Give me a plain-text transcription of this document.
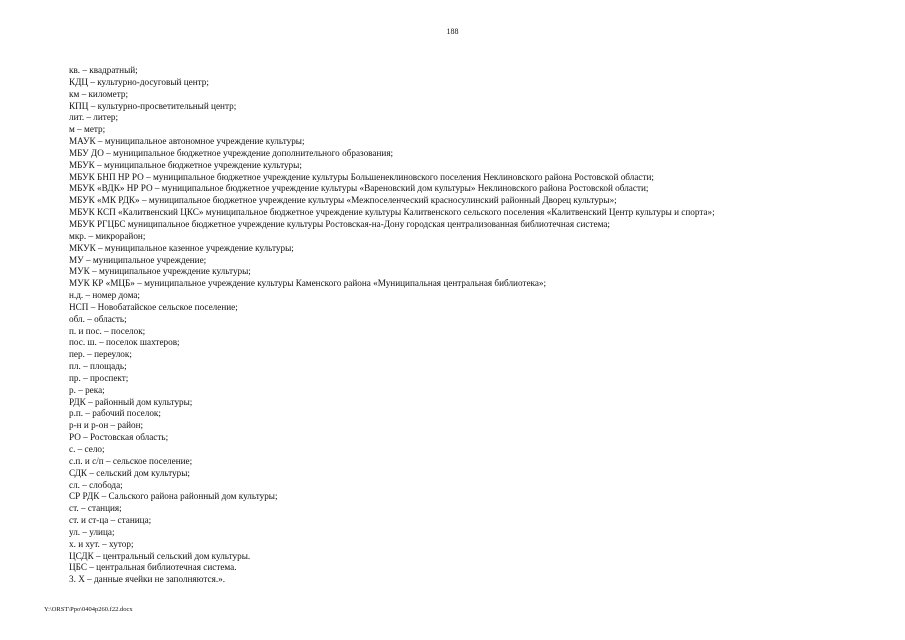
188
кв. – квадратный;
КДЦ – культурно-досуговый центр;
км – километр;
КПЦ – культурно-просветительный центр;
лит. – литер;
м – метр;
МАУК – муниципальное автономное учреждение культуры;
МБУ ДО – муниципальное бюджетное учреждение дополнительного образования;
МБУК – муниципальное бюджетное учреждение культуры;
МБУК БНП НР РО – муниципальное бюджетное учреждение культуры Большенеклиновского поселения Неклиновского района Ростовской области;
МБУК «ВДК» НР РО – муниципальное бюджетное учреждение культуры «Вареновский дом культуры» Неклиновского района Ростовской области;
МБУК «МК РДК» – муниципальное бюджетное учреждение культуры «Межпоселенческий красносулинский районный Дворец культуры»;
МБУК КСП «Калитвенский ЦКС» муниципальное бюджетное учреждение культуры Калитвенского сельского поселения «Калитвенский Центр культуры и спорта»;
МБУК РГЦБС муниципальное бюджетное учреждение культуры Ростовская-на-Дону городская централизованная библиотечная система;
мкр. – микрорайон;
МКУК – муниципальное казенное учреждение культуры;
МУ – муниципальное учреждение;
МУК – муниципальное учреждение культуры;
МУК КР «МЦБ» – муниципальное учреждение культуры Каменского района «Муниципальная центральная библиотека»;
н.д. – номер дома;
НСП – Новобатайское сельское поселение;
обл. – область;
п. и пос. – поселок;
пос. ш. – поселок шахтеров;
пер. – переулок;
пл. – площадь;
пр. – проспект;
р. – река;
РДК – районный дом культуры;
р.п. – рабочий поселок;
р-н и р-он – район;
РО – Ростовская область;
с. – село;
с.п. и с/п – сельское поселение;
СДК – сельский дом культуры;
сл. – слобода;
СР РДК – Сальского района районный дом культуры;
ст. – станция;
ст. и ст-ца – станица;
ул. – улица;
х. и хут. – хутор;
ЦСДК – центральный сельский дом культуры.
ЦБС – центральная библиотечная система.
3. Х – данные ячейки не заполняются.».
Y:\ORST\Ppo\0404p260.f22.docx
